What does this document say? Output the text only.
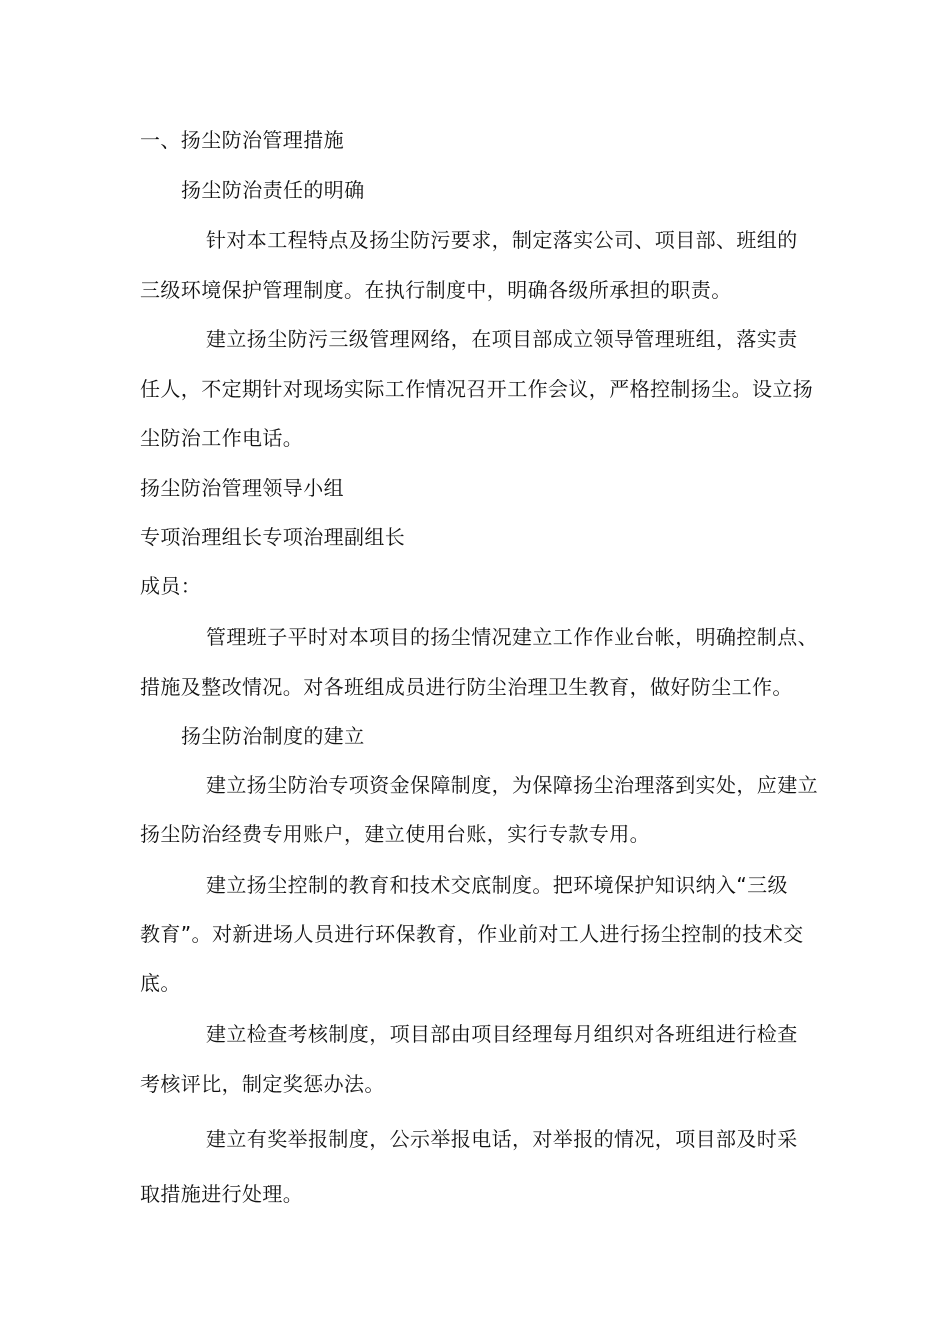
一、扬尘防治管理措施
扬尘防治责任的明确
针对本工程特点及扬尘防污要求，制定落实公司、项目部、班组的
三级环境保护管理制度。在执行制度中，明确各级所承担的职责。
建立扬尘防污三级管理网络，在项目部成立领导管理班组，落实责
任人，不定期针对现场实际工作情况召开工作会议，严格控制扬尘。设立扬
尘防治工作电话。
扬尘防治管理领导小组
专项治理组长专项治理副组长
成员：
管理班子平时对本项目的扬尘情况建立工作作业台帐，明确控制点、
措施及整改情况。对各班组成员进行防尘治理卫生教育，做好防尘工作。
扬尘防治制度的建立
建立扬尘防治专项资金保障制度，为保障扬尘治理落到实处，应建立
扬尘防治经费专用账户，建立使用台账，实行专款专用。
建立扬尘控制的教育和技术交底制度。把环境保护知识纳入“三级
教育”。对新进场人员进行环保教育，作业前对工人进行扬尘控制的技术交
底。
建立检查考核制度，项目部由项目经理每月组织对各班组进行检查
考核评比，制定奖惩办法。
建立有奖举报制度，公示举报电话，对举报的情况，项目部及时采
取措施进行处理。
